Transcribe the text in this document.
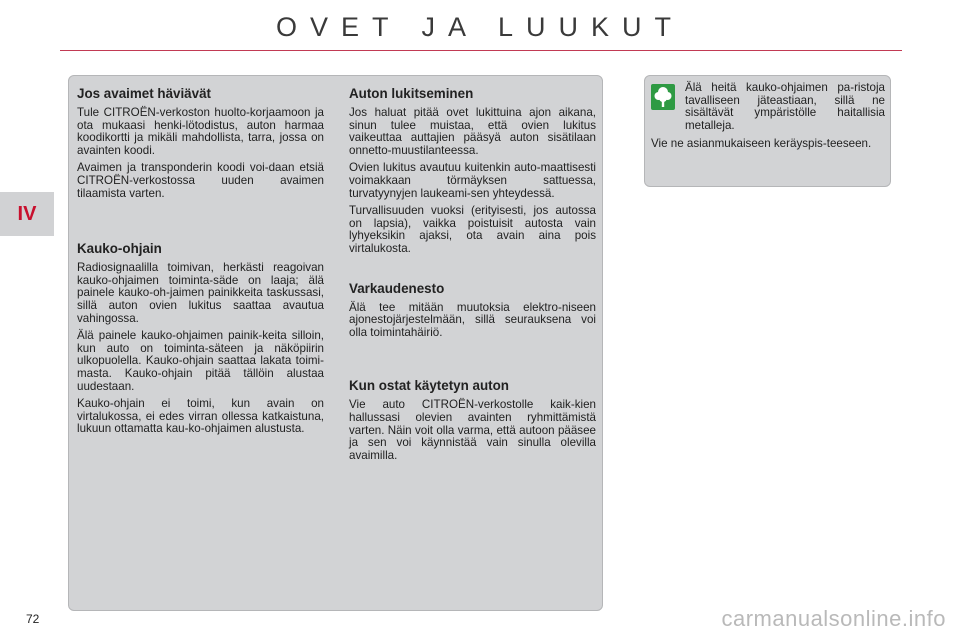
OVET JA LUUKUT
IV
Jos avaimet häviävät

Tule CITROËN-verkoston huolto-korjaamoon ja ota mukaasi henki-lötodistus, auton harmaa koodikortti ja mikäli mahdollista, tarra, jossa on avainten koodi.

Avaimen ja transponderin koodi voi-daan etsiä CITROËN-verkostossa uuden avaimen tilaamista varten.

Kauko-ohjain

Radiosignaalilla toimivan, herkästi reagoivan kauko-ohjaimen toiminta-säde on laaja; älä painele kauko-oh-jaimen painikkeita taskussasi, sillä auton ovien lukitus saattaa avautua vahingossa.

Älä painele kauko-ohjaimen painik-keita silloin, kun auto on toiminta-säteen ja näköpiirin ulkopuolella. Kauko-ohjain saattaa lakata toimi-masta. Kauko-ohjain pitää tällöin alustaa uudestaan.

Kauko-ohjain ei toimi, kun avain on virtalukossa, ei edes virran ollessa katkaistuna, lukuun ottamatta kau-ko-ohjaimen alustusta.

Auton lukitseminen

Jos haluat pitää ovet lukittuina ajon aikana, sinun tulee muistaa, että ovien lukitus vaikeuttaa auttajien pääsyä auton sisätilaan onnetto-muustilanteessa.

Ovien lukitus avautuu kuitenkin auto-maattisesti voimakkaan törmäyksen sattuessa, turvatyynyjen laukeami-sen yhteydessä.

Turvallisuuden vuoksi (erityisesti, jos autossa on lapsia), vaikka poistuisit autosta vain lyhyeksikin ajaksi, ota avain aina pois virtalukosta.

Varkaudenesto

Älä tee mitään muutoksia elektro-niseen ajonestojärjestelmään, sillä seurauksena voi olla toimintahäiriö.

Kun ostat käytetyn auton

Vie auto CITROËN-verkostolle kaik-kien hallussasi olevien avainten ryhmittämistä varten. Näin voit olla varma, että autoon pääsee ja sen voi käynnistää vain sinulla olevilla avaimilla.

Älä heitä kauko-ohjaimen pa-ristoja tavalliseen jäteastiaan, sillä ne sisältävät ympäristölle haitallisia metalleja.

Vie ne asianmukaiseen keräyspis-teeseen.

72	carmanualsonline.info
